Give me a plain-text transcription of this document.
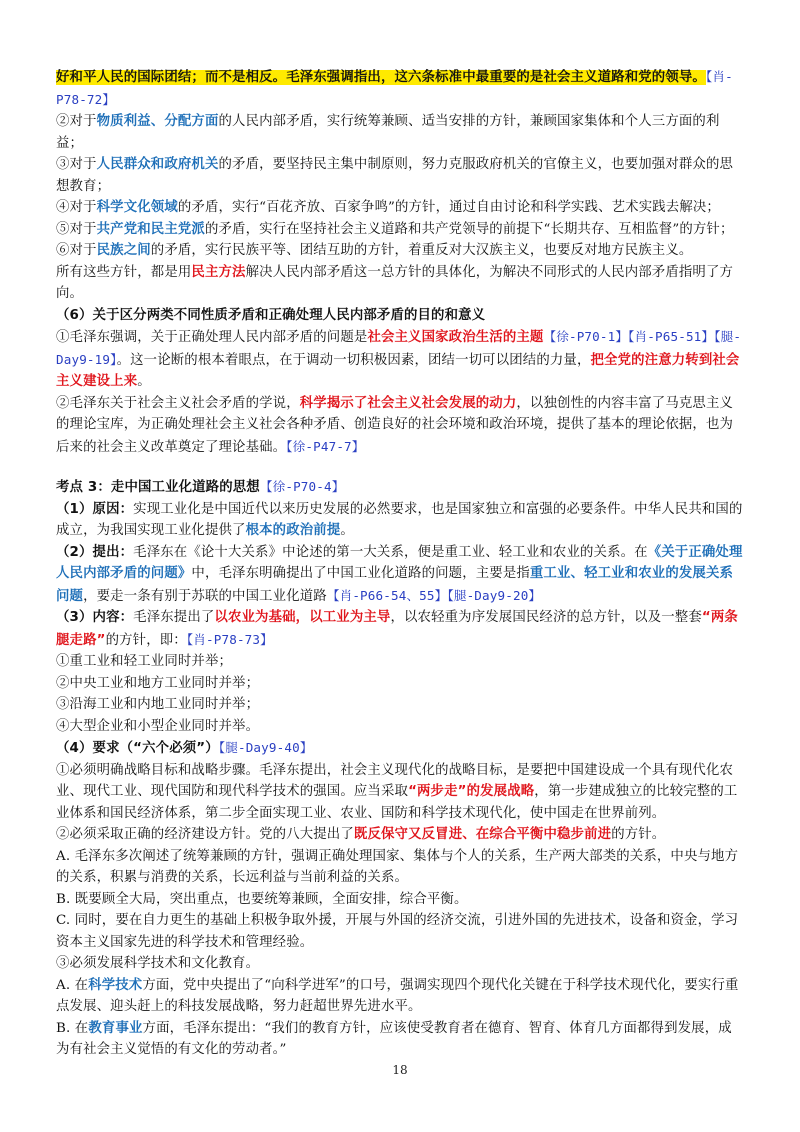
好和平人民的国际团结；而不是相反。毛泽东强调指出，这六条标准中最重要的是社会主义道路和党的领导。【肖-P78-72】

②对于物质利益、分配方面的人民内部矛盾，实行统筹兼顾、适当安排的方针，兼顾国家集体和个人三方面的利益；

③对于人民群众和政府机关的矛盾，要坚持民主集中制原则，努力克服政府机关的官僚主义，也要加强对群众的思想教育；

④对于科学文化领域的矛盾，实行“百花齐放、百家争鸣”的方针，通过自由讨论和科学实践、艺术实践去解决；

⑤对于共产党和民主党派的矛盾，实行在坚持社会主义道路和共产党领导的前提下“长期共存、互相监督”的方针；

⑥对于民族之间的矛盾，实行民族平等、团结互助的方针，着重反对大汉族主义，也要反对地方民族主义。

所有这些方针，都是用民主方法解决人民内部矛盾这一总方针的具体化，为解决不同形式的人民内部矛盾指明了方向。

（6）关于区分两类不同性质矛盾和正确处理人民内部矛盾的目的和意义

①毛泽东强调，关于正确处理人民内部矛盾的问题是社会主义国家政治生活的主题【徐-P70-1】【肖-P65-51】【腿-Day9-19】。这一论断的根本着眼点，在于调动一切积极因素，团结一切可以团结的力量，把全党的注意力转到社会主义建设上来。

②毛泽东关于社会主义社会矛盾的学说，科学揭示了社会主义社会发展的动力，以独创性的内容丰富了马克思主义的理论宝库，为正确处理社会主义社会各种矛盾、创造良好的社会环境和政治环境，提供了基本的理论依据，也为后来的社会主义改革奠定了理论基础。【徐-P47-7】

考点 3：走中国工业化道路的思想【徐-P70-4】

（1）原因：实现工业化是中国近代以来历史发展的必然要求，也是国家独立和富强的必要条件。中华人民共和国的成立，为我国实现工业化提供了根本的政治前提。

（2）提出：毛泽东在《论十大关系》中论述的第一大关系，便是重工业、轻工业和农业的关系。在《关于正确处理人民内部矛盾的问题》中，毛泽东明确提出了中国工业化道路的问题，主要是指重工业、轻工业和农业的发展关系问题，要走一条有别于苏联的中国工业化道路【肖-P66-54、55】【腿-Day9-20】

（3）内容：毛泽东提出了以农业为基础，以工业为主导，以农轻重为序发展国民经济的总方针，以及一整套“两条腿走路”的方针，即：【肖-P78-73】

①重工业和轻工业同时并举；

②中央工业和地方工业同时并举；

③沿海工业和内地工业同时并举；

④大型企业和小型企业同时并举。

（4）要求（“六个必须”）【腿-Day9-40】

①必须明确战略目标和战略步骤。毛泽东提出，社会主义现代化的战略目标，是要把中国建设成一个具有现代化农业、现代工业、现代国防和现代科学技术的强国。应当采取“两步走”的发展战略，第一步建成独立的比较完整的工业体系和国民经济体系，第二步全面实现工业、农业、国防和科学技术现代化，使中国走在世界前列。

②必须采取正确的经济建设方针。党的八大提出了既反保守又反冒进、在综合平衡中稳步前进的方针。

A. 毛泽东多次阐述了统筹兼顾的方针，强调正确处理国家、集体与个人的关系，生产两大部类的关系，中央与地方的关系，积累与消费的关系，长远利益与当前利益的关系。

B. 既要顾全大局，突出重点，也要统筹兼顾，全面安排，综合平衡。

C. 同时，要在自力更生的基础上积极争取外援，开展与外国的经济交流，引进外国的先进技术，设备和资金，学习资本主义国家先进的科学技术和管理经验。

③必须发展科学技术和文化教育。

A. 在科学技术方面，党中央提出了“向科学进军”的口号，强调实现四个现代化关键在于科学技术现代化，要实行重点发展、迎头赶上的科技发展战略，努力赶超世界先进水平。

B. 在教育事业方面，毛泽东提出：“我们的教育方针，应该使受教育者在德育、智育、体育几方面都得到发展，成为有社会主义觉悟的有文化的劳动者。”

18
